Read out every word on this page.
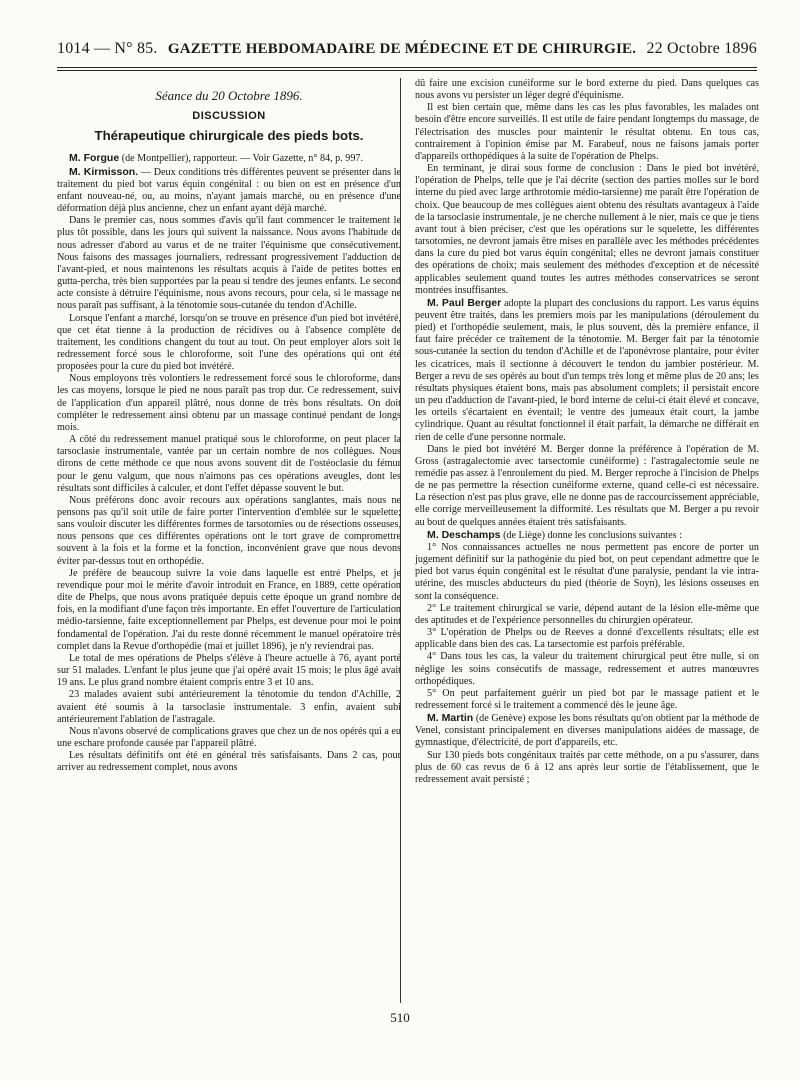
1014 — N° 85. GAZETTE HEBDOMADAIRE DE MÉDECINE ET DE CHIRURGIE. 22 Octobre 1896
Séance du 20 Octobre 1896.
DISCUSSION
Thérapeutique chirurgicale des pieds bots.

M. Forgue (de Montpellier), rapporteur. — Voir Gazette, n° 84, p. 997.

M. Kirmisson. — Deux conditions très différentes peuvent se présenter dans le traitement du pied bot varus équin congénital : ou bien on est en présence d'un enfant nouveau-né, ou, au moins, n'ayant jamais marché, ou en présence d'une déformation déjà plus ancienne, chez un enfant ayant déjà marché.

Dans le premier cas, nous sommes d'avis qu'il faut commencer le traitement le plus tôt possible, dans les jours qui suivent la naissance. Nous avons l'habitude de nous adresser d'abord au varus et de ne traiter l'équinisme que consécutivement. Nous faisons des massages journaliers, redressant progressivement l'adduction de l'avant-pied, et nous maintenons les résultats acquis à l'aide de petites bottes en gutta-percha, très bien supportées par la peau si tendre des jeunes enfants. Le second acte consiste à détruire l'équinisme, nous avons recours, pour cela, si le massage ne nous paraît pas suffisant, à la ténotomie sous-cutanée du tendon d'Achille.

Lorsque l'enfant a marché, lorsqu'on se trouve en présence d'un pied bot invétéré, que cet état tienne à la production de récidives ou à l'absence complète de traitement, les conditions changent du tout au tout. On peut employer alors soit le redressement forcé sous le chloroforme, soit l'une des opérations qui ont été proposées pour la cure du pied bot invétéré.

Nous employons très volontiers le redressement forcé sous le chloroforme, dans les cas moyens, lorsque le pied ne nous paraît pas trop dur. Ce redressement, suivi de l'application d'un appareil plâtré, nous donne de très bons résultats. On doit compléter le redressement ainsi obtenu par un massage continué pendant de longs mois.

A côté du redressement manuel pratiqué sous le chloroforme, on peut placer la tarsoclasie instrumentale, vantée par un certain nombre de nos collègues. Nous dirons de cette méthode ce que nous avons souvent dit de l'ostéoclasie du fémur pour le genu valgum, que nous n'aimons pas ces opérations aveugles, dont les résultats sont difficiles à calculer, et dont l'effet dépasse souvent le but.

Nous préférons donc avoir recours aux opérations sanglantes, mais nous ne pensons pas qu'il soit utile de faire porter l'intervention d'emblée sur le squelette; sans vouloir discuter les différentes formes de tarsotomies ou de résections osseuses, nous pensons que ces différentes opérations ont le tort grave de compromettre souvent à la fois et la forme et la fonction, inconvénient grave que nous devons éviter par-dessus tout en orthopédie.

Je préfère de beaucoup suivre la voie dans laquelle est entré Phelps, et je revendique pour moi le mérite d'avoir introduit en France, en 1889, cette opération dite de Phelps, que nous avons pratiquée depuis cette époque un grand nombre de fois, en la modifiant d'une façon très importante. En effet l'ouverture de l'articulation médio-tarsienne, faite exceptionnellement par Phelps, est devenue pour moi le point fondamental de l'opération. J'ai du reste donné récemment le manuel opératoire très complet dans la Revue d'orthopédie (mai et juillet 1896), je n'y reviendrai pas.

Le total de mes opérations de Phelps s'élève à l'heure actuelle à 76, ayant porté sur 51 malades. L'enfant le plus jeune que j'ai opéré avait 15 mois; le plus âgé avait 19 ans. Le plus grand nombre étaient compris entre 3 et 10 ans.

23 malades avaient subi antérieurement la ténotomie du tendon d'Achille, 2 avaient été soumis à la tarsoclasie instrumentale. 3 enfin, avaient subi antérieurement l'ablation de l'astragale.

Nous n'avons observé de complications graves que chez un de nos opérés qui a eu une eschare profonde causée par l'appareil plâtré.

Les résultats définitifs ont été en général très satisfaisants. Dans 2 cas, pour arriver au redressement complet, nous avons

dû faire une excision cunéiforme sur le bord externe du pied. Dans quelques cas nous avons vu persister un léger degré d'équinisme.

Il est bien certain que, même dans les cas les plus favorables, les malades ont besoin d'être encore surveillés. Il est utile de faire pendant longtemps du massage, de l'électrisation des muscles pour maintenir le résultat obtenu. En tous cas, contrairement à l'opinion émise par M. Farabeuf, nous ne faisons jamais porter d'appareils orthopédiques à la suite de l'opération de Phelps.

En terminant, je dirai sous forme de conclusion : Dans le pied bot invétéré, l'opération de Phelps, telle que je l'ai décrite (section des parties molles sur le bord interne du pied avec large arthrotomie médio-tarsienne) me paraît être l'opération de choix. Que beaucoup de mes collègues aient obtenu des résultats avantageux à l'aide de la tarsoclasie instrumentale, je ne cherche nullement à le nier, mais ce que je tiens avant tout à bien préciser, c'est que les opérations sur le squelette, les différentes tarsotomies, ne devront jamais être mises en parallèle avec les méthodes précédentes dans la cure du pied bot varus équin congénital; elles ne devront jamais constituer des opérations de choix; mais seulement des méthodes d'exception et de nécessité applicables seulement quand toutes les autres méthodes conservatrices se seront montrées insuffisantes.

M. Paul Berger adopte la plupart des conclusions du rapport. Les varus équins peuvent être traités, dans les premiers mois par les manipulations (déroulement du pied) et l'orthopédie seulement, mais, le plus souvent, dès la première enfance, il faut faire précéder ce traitement de la ténotomie. M. Berger fait par la ténotomie sous-cutanée la section du tendon d'Achille et de l'aponévrose plantaire, pour éviter les cicatrices, mais il sectionne à découvert le tendon du jambier postérieur. M. Berger a revu de ses opérés au bout d'un temps très long et même plus de 20 ans; les résultats physiques étaient bons, mais pas absolument complets; il persistait encore un peu d'adduction de l'avant-pied, le bord interne de celui-ci était élevé et concave, les orteils s'écartaient en éventail; le ventre des jumeaux était court, la jambe cylindrique. Quant au résultat fonctionnel il était parfait, la démarche ne différait en rien de celle d'une personne normale.

Dans le pied bot invétéré M. Berger donne la préférence à l'opération de M. Gross (astragalectomie avec tarsectomie cunéiforme) : l'astragalectomie seule ne remédie pas assez à l'enroulement du pied. M. Berger reproche à l'incision de Phelps de ne pas permettre la résection cunéiforme externe, quand celle-ci est nécessaire. La résection n'est pas plus grave, elle ne donne pas de raccourcissement appréciable, elle corrige merveilleusement la difformité. Les résultats que M. Berger a pu revoir au bout de quelques années étaient très satisfaisants.

M. Deschamps (de Liège) donne les conclusions suivantes :

1° Nos connaissances actuelles ne nous permettent pas encore de porter un jugement définitif sur la pathogénie du pied bot, on peut cependant admettre que le pied bot varus équin congénital est le résultat d'une paralysie, pendant la vie intra-utérine, des muscles abducteurs du pied (théorie de Soyn), les lésions osseuses en sont la conséquence.

2° Le traitement chirurgical se varie, dépend autant de la lésion elle-même que des aptitudes et de l'expérience personnelles du chirurgien opérateur.

3° L'opération de Phelps ou de Reeves a donné d'excellents résultats; elle est applicable dans bien des cas. La tarsectomie est parfois préférable.

4° Dans tous les cas, la valeur du traitement chirurgical peut être nulle, si on néglige les soins consécutifs de massage, redressement et autres manœuvres orthopédiques.

5° On peut parfaitement guérir un pied bot par le massage patient et le redressement forcé si le traitement a commencé dès le jeune âge.

M. Martin (de Genève) expose les bons résultats qu'on obtient par la méthode de Venel, consistant principalement en diverses manipulations aidées de massage, de gymnastique, d'électricité, de port d'appareils, etc.

Sur 130 pieds bots congénitaux traités par cette méthode, on a pu s'assurer, dans plus de 60 cas revus de 6 à 12 ans après leur sortie de l'établissement, que le redressement avait persisté ;

510
